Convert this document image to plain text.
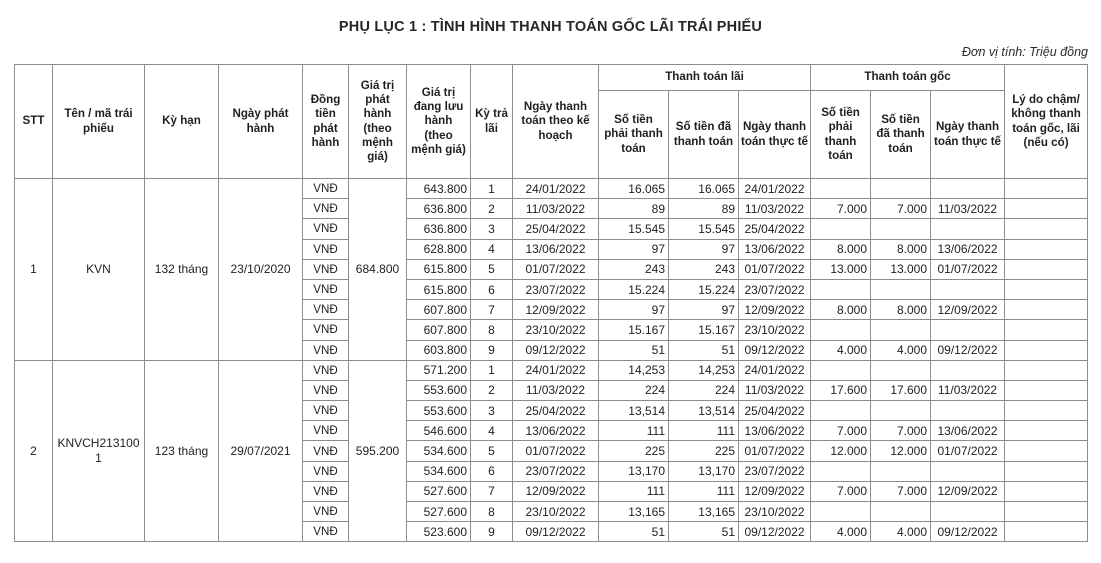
PHỤ LỤC 1 : TÌNH HÌNH THANH TOÁN GỐC LÃI TRÁI PHIẾU
Đơn vị tính: Triệu đồng
STT	Tên / mã trái phiếu	Kỳ hạn	Ngày phát hành	Đồng tiền phát hành	Giá trị phát hành (theo mệnh giá)	Giá trị đang lưu hành (theo mệnh giá)	Kỳ trả lãi	Ngày thanh toán theo kế hoạch	Thanh toán lãi			Thanh toán gốc			Lý do chậm/ không thanh toán gốc, lãi (nếu có)
									Số tiền phải thanh toán	Số tiền đã thanh toán	Ngày thanh toán thực tế	Số tiền phải thanh toán	Số tiền đã thanh toán	Ngày thanh toán thực tế	
1	KVN	132 tháng	23/10/2020	VNĐ	684.800	643.800	1	24/01/2022	16.065	16.065	24/01/2022				
				VNĐ		636.800	2	11/03/2022	89	89	11/03/2022	7.000	7.000	11/03/2022	
				VNĐ		636.800	3	25/04/2022	15.545	15.545	25/04/2022				
				VNĐ		628.800	4	13/06/2022	97	97	13/06/2022	8.000	8.000	13/06/2022	
				VNĐ		615.800	5	01/07/2022	243	243	01/07/2022	13.000	13.000	01/07/2022	
				VNĐ		615.800	6	23/07/2022	15.224	15.224	23/07/2022				
				VNĐ		607.800	7	12/09/2022	97	97	12/09/2022	8.000	8.000	12/09/2022	
				VNĐ		607.800	8	23/10/2022	15.167	15.167	23/10/2022				
				VNĐ		603.800	9	09/12/2022	51	51	09/12/2022	4.000	4.000	09/12/2022	
2	KNVCH2131001	123 tháng	29/07/2021	VNĐ	595.200	571.200	1	24/01/2022	14,253	14,253	24/01/2022				
				VNĐ		553.600	2	11/03/2022	224	224	11/03/2022	17.600	17.600	11/03/2022	
				VNĐ		553.600	3	25/04/2022	13,514	13,514	25/04/2022				
				VNĐ		546.600	4	13/06/2022	111	111	13/06/2022	7.000	7.000	13/06/2022	
				VNĐ		534.600	5	01/07/2022	225	225	01/07/2022	12.000	12.000	01/07/2022	
				VNĐ		534.600	6	23/07/2022	13,170	13,170	23/07/2022				
				VNĐ		527.600	7	12/09/2022	111	111	12/09/2022	7.000	7.000	12/09/2022	
				VNĐ		527.600	8	23/10/2022	13,165	13,165	23/10/2022				
				VNĐ		523.600	9	09/12/2022	51	51	09/12/2022	4.000	4.000	09/12/2022	
